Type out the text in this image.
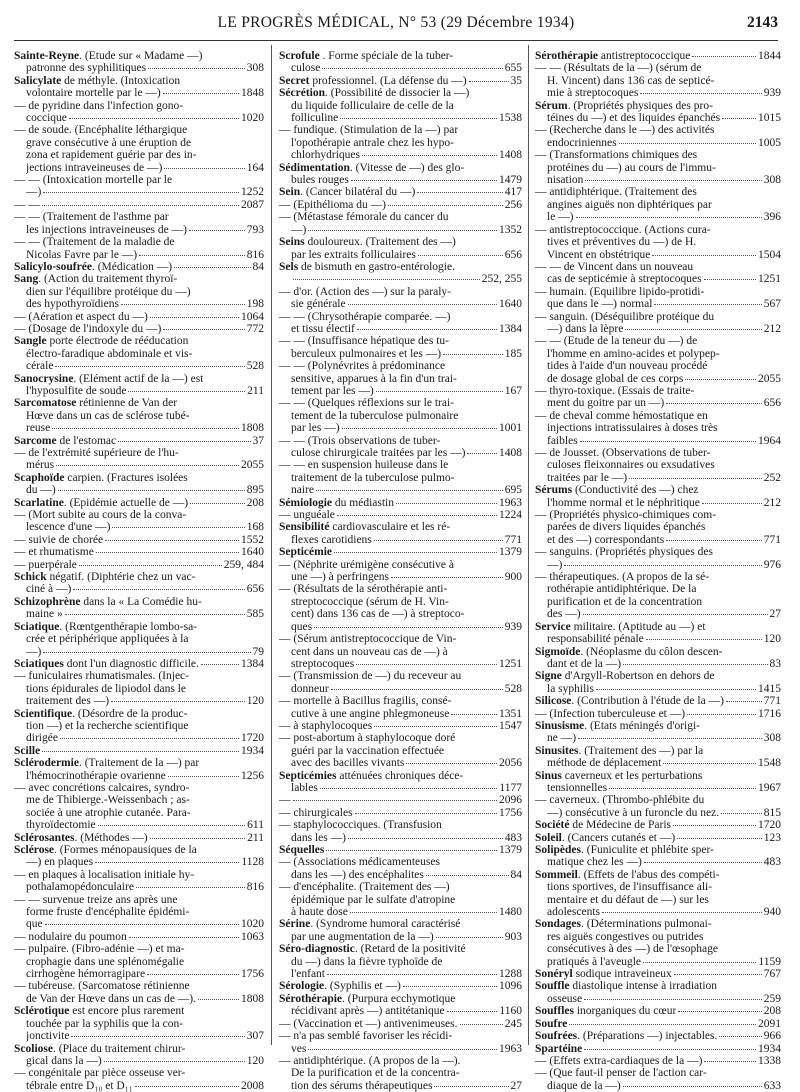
LE PROGRÈS MÉDICAL, N° 53 (29 Décembre 1934)	2143
Sainte-Reyne. (Etude sur « Madame —)
patronne des syphilitiques	308
Salicylate de méthyle. (Intoxication
volontaire mortelle par le —)	1848
— de pyridine dans l'infection gono-
coccique	1020
— de soude. (Encéphalite léthargique
grave consécutive à une éruption de
zona et rapidement guérie par des in-
jections intraveineuses de —)	164
— — (Intoxication mortelle par le
—)	1252
— —	2087
— — (Traitement de l'asthme par
les injections intraveineuses de —)	793
— — (Traitement de la maladie de
Nicolas Favre par le —)	816
Salicylo-soufrée. (Médication —)	84
Sang. (Action du traitement thyroï-
dien sur l'équilibre protéique du —)
des hypothyroïdiens	198
— (Aération et aspect du —)	1064
— (Dosage de l'indoxyle du —)	772
Sangle porte électrode de rééducation
électro-faradique abdominale et vis-
cérale	528
Sanocrysine. (Elément actif de la —) est
l'hyposulfite de soude	211
Sarcomatose rétinienne de Van der
Hœve dans un cas de sclérose tubé-
reuse	1808
Sarcome de l'estomac	37
— de l'extrémité supérieure de l'hu-
mérus	2055
Scaphoïde carpien. (Fractures isolées
du —)	895
Scarlatine. (Epidémie actuelle de —)	208
— (Mort subite au cours de la conva-
lescence d'une —)	168
— suivie de chorée	1552
— et rhumatisme	1640
— puerpérale	259, 484
Schick négatif. (Diphtérie chez un vac-
ciné à —)	656
Schizophrène dans la « La Comédie hu-
maine »	585
Sciatique. (Rœntgenthérapie lombo-sa-
crée et périphérique appliquées à la
—)	79
Sciatiques dont l'un diagnostic difficile.	1384
— funiculaires rhumatismales. (Injec-
tions épidurales de lipiodol dans le
traitement des —)	120
Scientifique. (Désordre de la produc-
tion —) et la recherche scientifique
dirigée	1720
Scille	1934
Sclérodermie. (Traitement de la —) par
l'hémocrinothérapie ovarienne	1256
— avec concrétions calcaires, syndro-
me de Thibierge.-Weissenbach ; as-
sociée à une atrophie cutanée. Para-
thyroïdectomie	611
Sclérosantes. (Méthodes —)	211
Sclérose. (Formes ménopausiques de la
—) en plaques	1128
— en plaques à localisation initiale hy-
pothalamopédonculaire	816
— — survenue treize ans après une
forme fruste d'encéphalite épidémi-
que	1020
— nodulaire du poumon	1063
— pulpaire. (Fibro-adénie —) et ma-
crophagie dans une splénomégalie
cirrhogène hémorragipare	1756
— tubéreuse. (Sarcomatose rétinienne
de Van der Hœve dans un cas de —).	1808
Sclérotique est encore plus rarement
touchée par la syphilis que la con-
jonctivite	307
Scoliose. (Place du traitement chirur-
gical dans la —)	120
— congénitale par pièce osseuse ver-
tébrale entre D₁₀ et D₁₁	2008
Scrofule . Forme spéciale de la tuber-
culose	655
Secret professionnel. (La défense du —)	35
Sécrétion. (Possibilité de dissocier la —)
du liquide folliculaire de celle de la
folliculine	1538
— fundique. (Stimulation de la —) par
l'opothérapie antrale chez les hypo-
chlorhydriques	1408
Sédimentation. (Vitesse de —) des glo-
bules rouges	1479
Sein. (Cancer bilatéral du —)	417
— (Epithélioma du —)	256
— (Métastase fémorale du cancer du
—)	1352
Seins douloureux. (Traitement des —)
par les extraits folliculaires	656
Sels de bismuth en gastro-entérologie.
252, 255
— d'or. (Action des —) sur la paraly-
sie générale	1640
— — (Chrysothérapie comparée. —)
et tissu électif	1384
— — (Insuffisance hépatique des tu-
berculeux pulmonaires et les —)	185
— — (Polynévrites à prédominance
sensitive, apparues à la fin d'un trai-
tement par les —)	167
— — (Quelques réflexions sur le trai-
tement de la tuberculose pulmonaire
par les —)	1001
— — (Trois observations de tuber-
culose chirurgicale traitées par les —)	1408
— — en suspension huileuse dans le
traitement de la tuberculose pulmo-
naire	695
Sémiologie du médiastin	1963
— unguéale	1224
Sensibilité cardiovasculaire et les ré-
flexes carotidiens	771
Septicémie	1379
— (Néphrite urémigène consécutive à
une —) à perfringens	900
— (Résultats de la sérothérapie anti-
streptococcique (sérum de H. Vin-
cent) dans 136 cas de —) à streptoco-
ques	939
— (Sérum antistreptococcique de Vin-
cent dans un nouveau cas de —) à
streptocoques	1251
— (Transmission de —) du receveur au
donneur	528
— mortelle à Bacillus fragilis, consé-
cutive à une angine phlegmoneuse	1351
— à staphylocoques	1547
— post-abortum à staphylocoque doré
guéri par la vaccination effectuée
avec des bacilles vivants	2056
Septicémies atténuées chroniques déce-
lables	1177
—	2096
— chirurgicales	1756
— staphylococciques. (Transfusion
dans les —)	483
Séquelles	1379
— (Associations médicamenteuses
dans les —) des encéphalites	84
— d'encéphalite. (Traitement des —)
épidémique par le sulfate d'atropine
à haute dose	1480
Sérine. (Syndrome humoral caractérisé
par une augmentation de la —)	903
Séro-diagnostic. (Retard de la positivité
du —) dans la fièvre typhoïde de
l'enfant	1288
Sérologie. (Syphilis et —)	1096
Sérothérapie. (Purpura ecchymotique
récidivant après —) antitétanique	1160
— (Vaccination et —) antivenimeuses.	245
— n'a pas semblé favoriser les récidi-
ves	1963
— antidiphtérique. (A propos de la —).
De la purification et de la concentra-
tion des sérums thérapeutiques	27
Sérothérapie antistreptococcique	1844
— — (Résultats de la —) (sérum de
H. Vincent) dans 136 cas de septicé-
mie à streptocoques	939
Sérum. (Propriétés physiques des pro-
téines du —) et des liquides épanchés	1015
— (Recherche dans le —) des activités
endocriniennes	1005
— (Transformations chimiques des
protéines du —) au cours de l'immu-
nisation	308
— antidiphtérique. (Traitement des
angines aiguës non diphtériques par
le —)	396
— antistreptococcique. (Actions cura-
tives et préventives du —) de H.
Vincent en obstétrique	1504
— — de Vincent dans un nouveau
cas de septicémie à streptocoques	1251
— humain. (Equilibre lipido-protidi-
que dans le —) normal	567
— sanguin. (Déséquilibre protéique du
—) dans la lèpre	212
— — (Etude de la teneur du —) de
l'homme en amino-acides et polypep-
tides à l'aide d'un nouveau procédé
de dosage global de ces corps	2055
— thyro-toxique. (Essais de traite-
ment du goitre par un —)	656
— de cheval comme hémostatique en
injections intratissulaires à doses très
faibles	1964
— de Jousset. (Observations de tuber-
culoses fleixonnaires ou exsudatives
traitées par le —)	252
Sérums (Conductivité des —) chez
l'homme normal et le néphritique	212
— (Propriétés physico-chimiques com-
parées de divers liquides épanchés
et des —) correspondants	771
— sanguins. (Propriétés physiques des
—)	976
— thérapeutiques. (A propos de la sé-
rothérapie antidiphtérique. De la
purification et de la concentration
des —)	27
Service militaire. (Aptitude au —) et
responsabilité pénale	120
Sigmoïde. (Néoplasme du côlon descen-
dant et de la —)	83
Signe d'Argyll-Robertson en dehors de
la syphilis	1415
Silicose. (Contribution à l'étude de la —)	771
— (Infection tuberculeuse et —)	1716
Sinusisme. (Etats méningés d'origi-
ne —)	308
Sinusites. (Traitement des —) par la
méthode de déplacement	1548
Sinus caverneux et les perturbations
tensionnelles	1967
— caverneux. (Thrombo-phlébite du
—) consécutive à un furoncle du nez.	815
Société de Médecine de Paris	1720
Soleil. (Cancers cutanés et —)	123
Solipèdes. (Funiculite et phlébite sper-
matique chez les —)	483
Sommeil. (Effets de l'abus des compéti-
tions sportives, de l'insuffisance ali-
mentaire et du défaut de —) sur les
adolescents	940
Sondages. (Déterminations pulmonai-
res aiguës congestives ou putrides
consécutives à des —) de l'œsophage
pratiqués à l'aveugle	1159
Sonéryl sodique intraveineux	767
Souffle diastolique intense à irradiation
osseuse	259
Souffles inorganiques du cœur	208
Soufre	2091
Soufrées. (Préparations —) injectables.	966
Spartéine	1934
— (Effets extra-cardiaques de la —)	1338
— (Que faut-il penser de l'action car-
diaque de la —)	633
